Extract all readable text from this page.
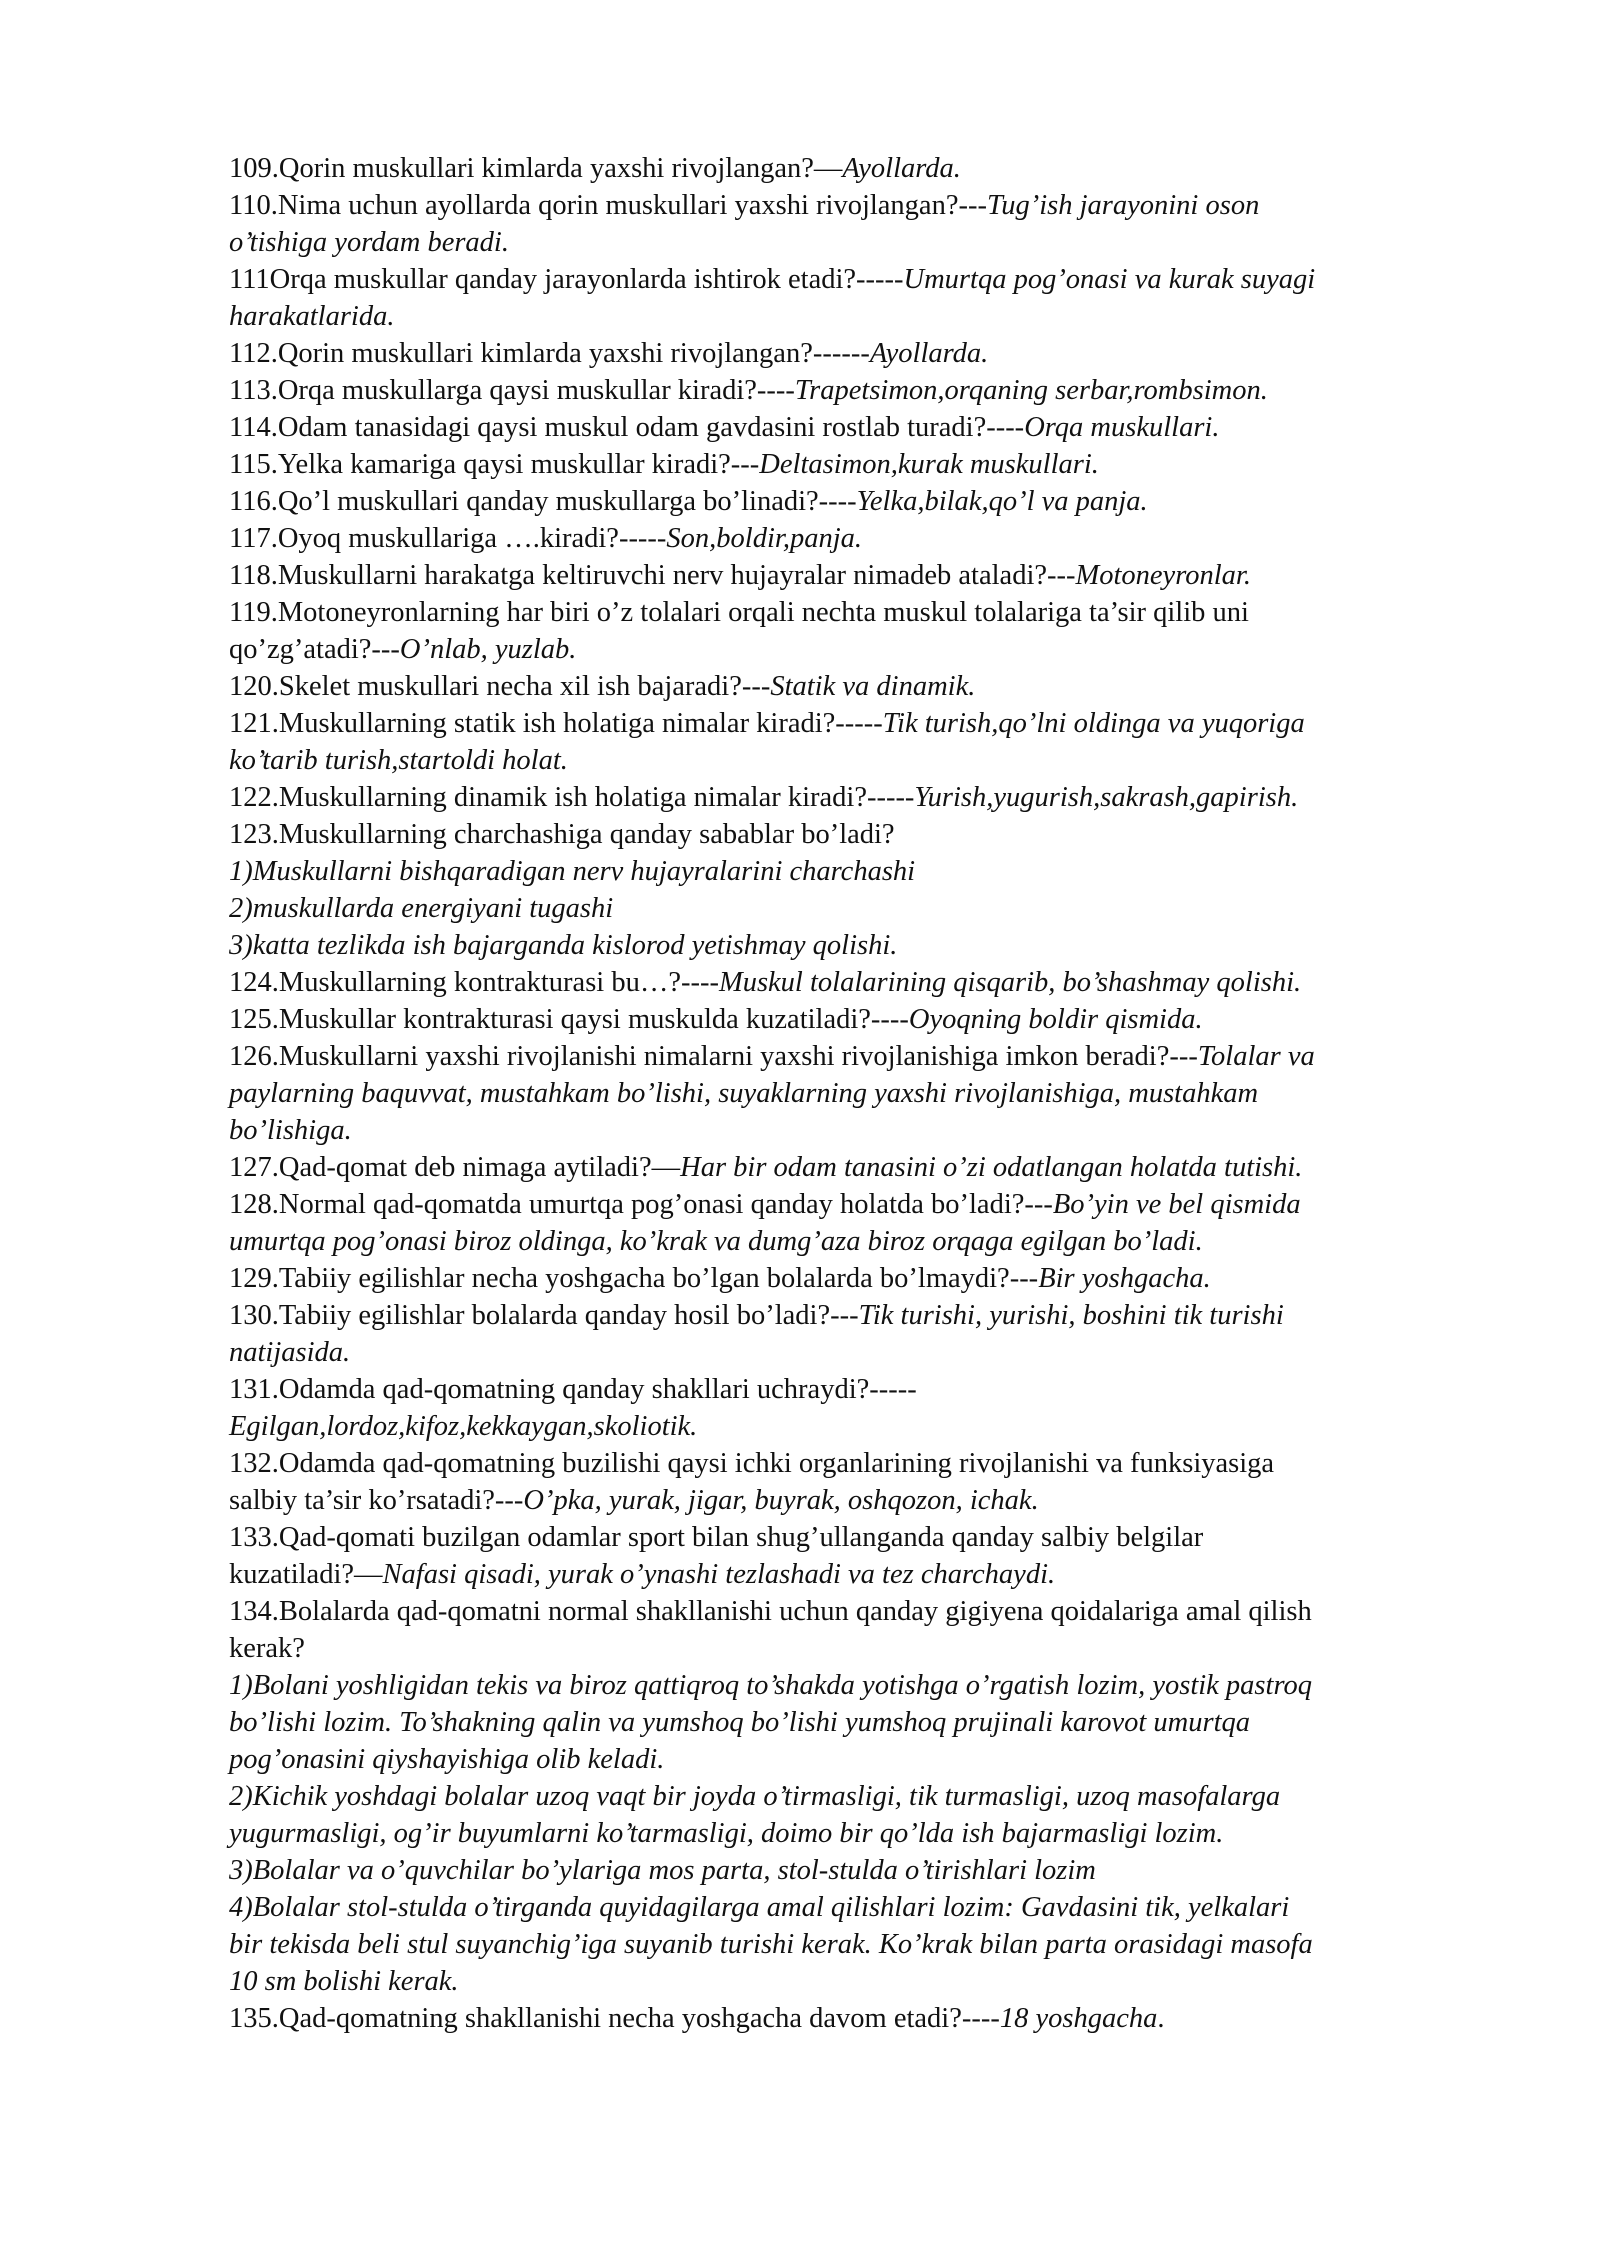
109.Qorin muskullari kimlarda yaxshi rivojlangan?—Ayollarda.
110.Nima uchun ayollarda qorin muskullari yaxshi rivojlangan?---Tug’ish jarayonini oson
o’tishiga yordam beradi.
111Orqa muskullar qanday jarayonlarda ishtirok etadi?-----Umurtqa pog’onasi va kurak suyagi
harakatlarida.
112.Qorin muskullari kimlarda yaxshi rivojlangan?------Ayollarda.
113.Orqa muskullarga qaysi muskullar kiradi?----Trapetsimon,orqaning serbar,rombsimon.
114.Odam tanasidagi qaysi muskul odam gavdasini rostlab turadi?----Orqa muskullari.
115.Yelka kamariga qaysi muskullar kiradi?---Deltasimon,kurak muskullari.
116.Qo’l muskullari qanday muskullarga bo’linadi?----Yelka,bilak,qo’l va panja.
117.Oyoq muskullariga ….kiradi?-----Son,boldir,panja.
118.Muskullarni harakatga keltiruvchi nerv hujayralar nimadeb ataladi?---Motoneyronlar.
119.Motoneyronlarning har biri o’z tolalari orqali nechta muskul tolalariga ta’sir qilib uni
qo’zg’atadi?---O’nlab, yuzlab.
120.Skelet muskullari necha xil ish bajaradi?---Statik va dinamik.
121.Muskullarning statik ish holatiga nimalar kiradi?-----Tik turish,qo’lni oldinga va yuqoriga
ko’tarib turish,startoldi holat.
122.Muskullarning dinamik ish holatiga nimalar kiradi?-----Yurish,yugurish,sakrash,gapirish.
123.Muskullarning charchashiga qanday sabablar bo’ladi?
1)Muskullarni bishqaradigan nerv hujayralarini charchashi
2)muskullarda energiyani tugashi
3)katta tezlikda ish bajarganda kislorod yetishmay qolishi.
124.Muskullarning kontrakturasi bu…?----Muskul tolalarining qisqarib, bo’shashmay qolishi.
125.Muskullar kontrakturasi qaysi muskulda kuzatiladi?----Oyoqning boldir qismida.
126.Muskullarni yaxshi rivojlanishi nimalarni yaxshi rivojlanishiga imkon beradi?---Tolalar va
paylarning baquvvat, mustahkam bo’lishi, suyaklarning yaxshi rivojlanishiga, mustahkam
bo’lishiga.
127.Qad-qomat deb nimaga aytiladi?—Har bir odam tanasini o’zi odatlangan holatda tutishi.
128.Normal qad-qomatda umurtqa pog’onasi qanday holatda bo’ladi?---Bo’yin ve bel qismida
umurtqa pog’onasi biroz oldinga, ko’krak va dumg’aza biroz orqaga egilgan bo’ladi.
129.Tabiiy egilishlar necha yoshgacha bo’lgan bolalarda bo’lmaydi?---Bir yoshgacha.
130.Tabiiy egilishlar bolalarda qanday hosil bo’ladi?---Tik turishi, yurishi, boshini tik turishi
natijasida.
131.Odamda qad-qomatning qanday shakllari uchraydi?-----
Egilgan,lordoz,kifoz,kekkaygan,skoliotik.
132.Odamda qad-qomatning buzilishi qaysi ichki organlarining rivojlanishi va funksiyasiga
salbiy ta’sir ko’rsatadi?---O’pka, yurak, jigar, buyrak, oshqozon, ichak.
133.Qad-qomati buzilgan odamlar sport bilan shug’ullanganda qanday salbiy belgilar
kuzatiladi?—Nafasi qisadi, yurak o’ynashi tezlashadi va tez charchaydi.
134.Bolalarda qad-qomatni normal shakllanishi uchun qanday gigiyena qoidalariga amal qilish
kerak?
1)Bolani yoshligidan tekis va biroz qattiqroq to’shakda yotishga o’rgatish lozim, yostik pastroq
bo’lishi lozim. To’shakning qalin va yumshoq bo’lishi yumshoq prujinali karovot umurtqa
pog’onasini qiyshayishiga olib keladi.
2)Kichik yoshdagi bolalar uzoq vaqt bir joyda o’tirmasligi, tik turmasligi, uzoq masofalarga
yugurmasligi, og’ir buyumlarni ko’tarmasligi, doimo bir qo’lda ish bajarmasligi lozim.
3)Bolalar va o’quvchilar bo’ylariga mos parta, stol-stulda o’tirishlari lozim
4)Bolalar stol-stulda o’tirganda quyidagilarga amal qilishlari lozim: Gavdasini tik, yelkalari
bir tekisda beli stul suyanchig’iga suyanib turishi kerak. Ko’krak bilan parta orasidagi masofa
10 sm bolishi kerak.
135.Qad-qomatning shakllanishi necha yoshgacha davom etadi?----18 yoshgacha.
